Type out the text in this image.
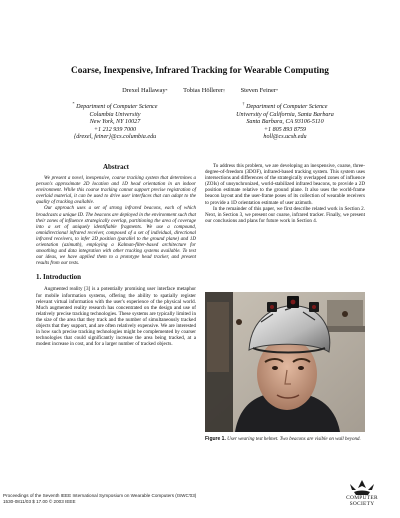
Coarse, Inexpensive, Infrared Tracking for Wearable Computing
Drexel Hallaway* Tobias Höllerer† Steven Feiner*
* Department of Computer Science
Columbia University
New York, NY 10027
+1 212 939 7000
{drexel, feiner}@cs.columbia.edu
† Department of Computer Science
University of California, Santa Barbara
Santa Barbara, CA 93106-5110
+1 805 893 8759
holl@cs.ucsb.edu
Abstract

We present a novel, inexpensive, coarse tracking system that determines a person's approximate 2D location and 1D head orientation in an indoor environment. While this coarse tracking cannot support precise registration of overlaid material, it can be used to drive user interfaces that can adapt to the quality of tracking available.

Our approach uses a set of strong infrared beacons, each of which broadcasts a unique ID. The beacons are deployed in the environment such that their zones of influence strategically overlap, partitioning the area of coverage into a set of uniquely identifiable fragments. We use a compound, omnidirectional infrared receiver, composed of a set of individual, directional infrared receivers, to infer 2D position (parallel to the ground plane) and 1D orientation (azimuth), employing a Kalman-filter-based architecture for smoothing and data integration with other tracking systems available. To test our ideas, we have applied them to a prototype head tracker, and present results from our tests.

1. Introduction

Augmented reality [3] is a potentially promising user interface metaphor for mobile information systems, offering the ability to spatially register relevant virtual information with the user's experience of the physical world. Much augmented reality research has concentrated on the design and use of relatively precise tracking technologies. These systems are typically limited in the size of the area that they track and the number of simultaneously tracked objects that they support, and are often relatively expensive. We are interested in how such precise tracking technologies might be complemented by coarser technologies that could significantly increase the area being tracked, at a modest increase in cost, and for a larger number of tracked objects.

To address this problem, we are developing an inexpensive, coarse, three-degree-of-freedom (3DOF), infrared-based tracking system. This system uses intersections and differences of the strategically overlapped zones of influence (ZOIs) of unsynchronized, world-stabilized infrared beacons, to provide a 2D position estimate relative to the ground plane. It also uses the world-frame beacon layout and the user-frame poses of its collection of wearable receivers to provide a 1D orientation estimate of user azimuth.

In the remainder of this paper, we first describe related work in Section 2. Next, in Section 3, we present our coarse, infrared tracker. Finally, we present our conclusions and plans for future work in Section 4.

Figure 1. User wearing test helmet. Two beacons are visible on wall beyond.
Proceedings of the Seventh IEEE International Symposium on Wearable Computers (ISWC'03)
1530-0811/03 $ 17.00 © 2003 IEEE
COMPUTER
SOCIETY
